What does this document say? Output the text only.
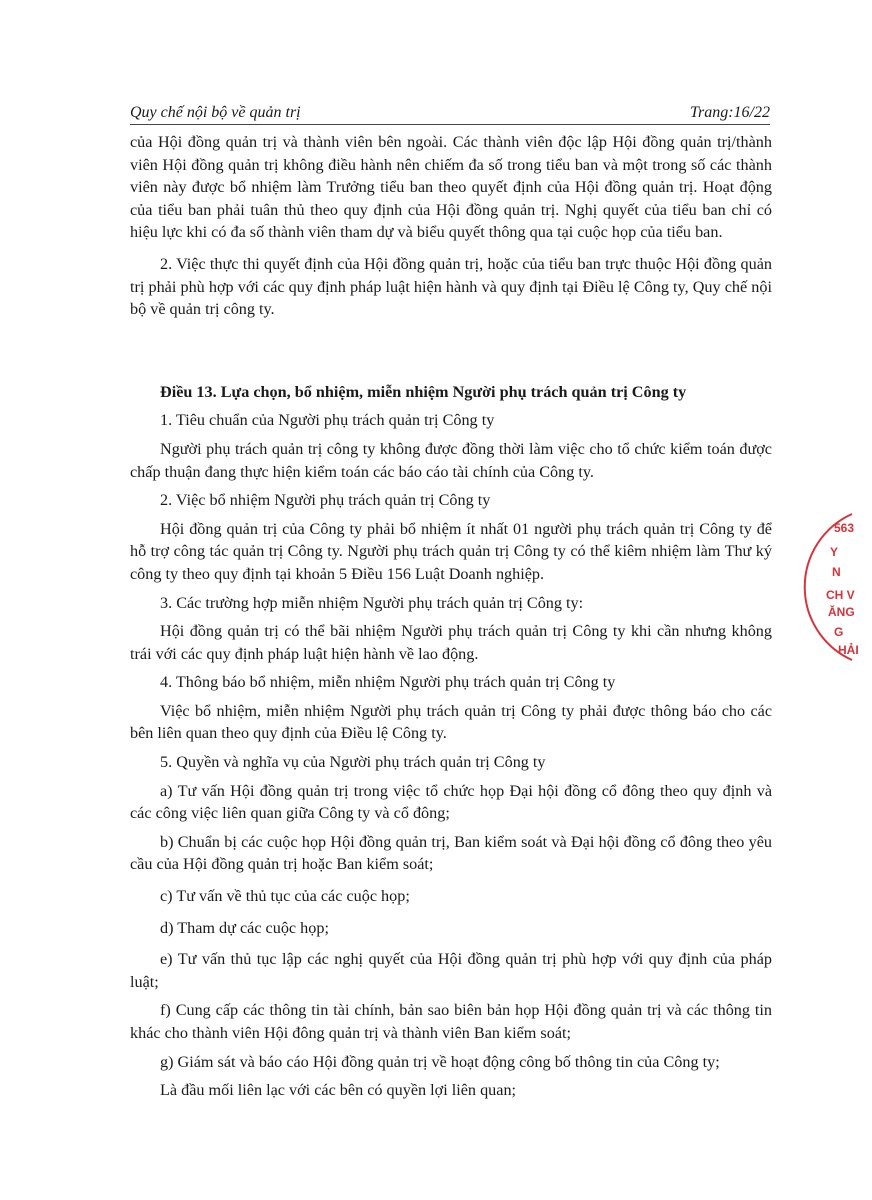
Quy chế nội bộ về quản trị	Trang:16/22

của Hội đồng quản trị và thành viên bên ngoài. Các thành viên độc lập Hội đồng quản trị/thành viên Hội đồng quản trị không điều hành nên chiếm đa số trong tiểu ban và một trong số các thành viên này được bổ nhiệm làm Trưởng tiểu ban theo quyết định của Hội đồng quản trị. Hoạt động của tiểu ban phải tuân thủ theo quy định của Hội đồng quản trị. Nghị quyết của tiểu ban chỉ có hiệu lực khi có đa số thành viên tham dự và biểu quyết thông qua tại cuộc họp của tiểu ban.

2. Việc thực thi quyết định của Hội đồng quản trị, hoặc của tiểu ban trực thuộc Hội đồng quản trị phải phù hợp với các quy định pháp luật hiện hành và quy định tại Điều lệ Công ty, Quy chế nội bộ về quản trị công ty.

Điều 13. Lựa chọn, bổ nhiệm, miễn nhiệm Người phụ trách quản trị Công ty

1. Tiêu chuẩn của Người phụ trách quản trị Công ty

Người phụ trách quản trị công ty không được đồng thời làm việc cho tổ chức kiểm toán được chấp thuận đang thực hiện kiểm toán các báo cáo tài chính của Công ty.

2. Việc bổ nhiệm Người phụ trách quản trị Công ty

Hội đồng quản trị của Công ty phải bổ nhiệm ít nhất 01 người phụ trách quản trị Công ty để hỗ trợ công tác quản trị Công ty. Người phụ trách quản trị Công ty có thể kiêm nhiệm làm Thư ký công ty theo quy định tại khoản 5 Điều 156 Luật Doanh nghiệp.

3. Các trường hợp miễn nhiệm Người phụ trách quản trị Công ty:

Hội đồng quản trị có thể bãi nhiệm Người phụ trách quản trị Công ty khi cần nhưng không trái với các quy định pháp luật hiện hành về lao động.

4. Thông báo bổ nhiệm, miễn nhiệm Người phụ trách quản trị Công ty

Việc bổ nhiệm, miễn nhiệm Người phụ trách quản trị Công ty phải được thông báo cho các bên liên quan theo quy định của Điều lệ Công ty.

5. Quyền và nghĩa vụ của Người phụ trách quản trị Công ty

a) Tư vấn Hội đồng quản trị trong việc tổ chức họp Đại hội đồng cổ đông theo quy định và các công việc liên quan giữa Công ty và cổ đông;

b) Chuẩn bị các cuộc họp Hội đồng quản trị, Ban kiểm soát và Đại hội đồng cổ đông theo yêu cầu của Hội đồng quản trị hoặc Ban kiểm soát;

c) Tư vấn về thủ tục của các cuộc họp;

d) Tham dự các cuộc họp;

e) Tư vấn thủ tục lập các nghị quyết của Hội đồng quản trị phù hợp với quy định của pháp luật;

f) Cung cấp các thông tin tài chính, bản sao biên bản họp Hội đồng quản trị và các thông tin khác cho thành viên Hội đông quản trị và thành viên Ban kiểm soát;

g) Giám sát và báo cáo Hội đồng quản trị về hoạt động công bố thông tin của Công ty;

Là đầu mối liên lạc với các bên có quyền lợi liên quan;

563
Y
N
CH V
ĂNG
G
HẢI
